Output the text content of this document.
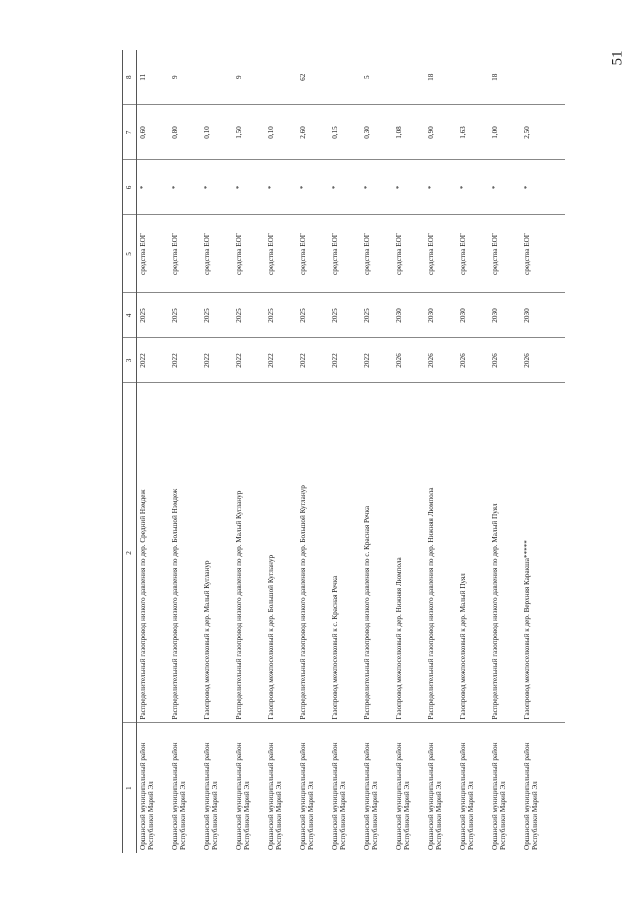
51
1	2	3	4	5	6	7	8
Оршанский муниципальный район Республики Марий Эл	Распределительный газопровод низкого давления по дер. Средний Нэмдеж	2022	2025	средства ЕОГ	*	0,60	11
Оршанский муниципальный район Республики Марий Эл	Распределительный газопровод низкого давления по дер. Большой Нэмдеж	2022	2025	средства ЕОГ	*	0,80	9
Оршанский муниципальный район Республики Марий Эл	Газопровод межпоселковый к дер. Малый Кугланур	2022	2025	средства ЕОГ	*	0,10	
Оршанский муниципальный район Республики Марий Эл	Распределительный газопровод низкого давления по дер. Малый Кугланур	2022	2025	средства ЕОГ	*	1,50	9
Оршанский муниципальный район Республики Марий Эл	Газопровод межпоселковый к дер. Большой Кугланур	2022	2025	средства ЕОГ	*	0,10	
Оршанский муниципальный район Республики Марий Эл	Распределительный газопровод низкого давления по дер. Большой Кугланур	2022	2025	средства ЕОГ	*	2,60	62
Оршанский муниципальный район Республики Марий Эл	Газопровод межпоселковый к с. Красная Речка	2022	2025	средства ЕОГ	*	0,15	
Оршанский муниципальный район Республики Марий Эл	Распределительный газопровод низкого давления по с. Красная Речка	2022	2025	средства ЕОГ	*	0,30	5
Оршанский муниципальный район Республики Марий Эл	Газопровод межпоселковый к дер. Нижняя Люмпола	2026	2030	средства ЕОГ	*	1,08	
Оршанский муниципальный район Республики Марий Эл	Распределительный газопровод низкого давления по дер. Нижняя Люмпола	2026	2030	средства ЕОГ	*	0,90	18
Оршанский муниципальный район Республики Марий Эл	Газопровод межпоселковый к дер. Малый Пуял	2026	2030	средства ЕОГ	*	1,63	
Оршанский муниципальный район Республики Марий Эл	Распределительный газопровод низкого давления по дер. Малый Пуял	2026	2030	средства ЕОГ	*	1,00	18
Оршанский муниципальный район Республики Марий Эл	Газопровод межпоселковый к дер. Верхняя Каракша*****	2026	2030	средства ЕОГ	*	2,50	
